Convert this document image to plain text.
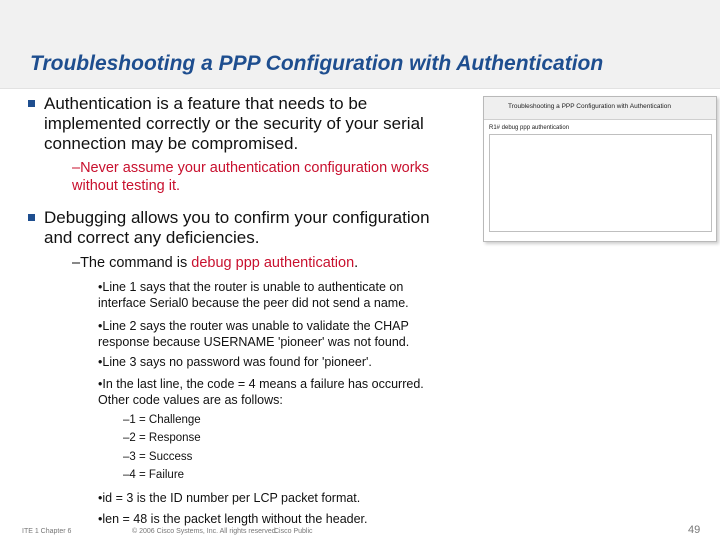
Troubleshooting a PPP Configuration with Authentication
Authentication is a feature that needs to be
implemented correctly or the security of your serial
connection may be compromised.
–Never assume your authentication configuration works
without testing it.
Debugging allows you to confirm your configuration
and correct any deficiencies.
–The command is debug ppp authentication.
•Line 1 says that the router is unable to authenticate on
interface Serial0 because the peer did not send a name.
•Line 2 says the router was unable to validate the CHAP
response because USERNAME 'pioneer' was not found.
•Line 3 says no password was found for 'pioneer'.
•In the last line, the code = 4 means a failure has occurred.
Other code values are as follows:
–1 = Challenge
–2 = Response
–3 = Success
–4 = Failure
•id = 3 is the ID number per LCP packet format.
•len = 48 is the packet length without the header.
Troubleshooting a PPP Configuration with Authentication
R1# debug ppp authentication

ITE 1 Chapter 6	© 2006 Cisco Systems, Inc. All rights reserved.
Cisco Public	49
